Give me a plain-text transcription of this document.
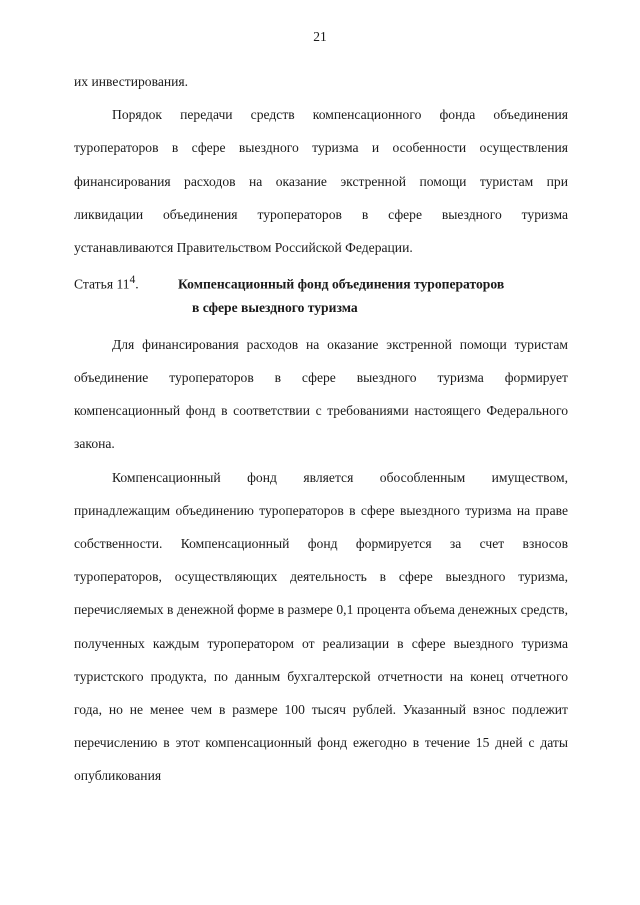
21

их инвестирования.

Порядок передачи средств компенсационного фонда объединения туроператоров в сфере выездного туризма и особенности осуществления финансирования расходов на оказание экстренной помощи туристам при ликвидации объединения туроператоров в сфере выездного туризма устанавливаются Правительством Российской Федерации.

Статья $11^4$.	Компенсационный фонд объединения туроператоров

в сфере выездного туризма

Для финансирования расходов на оказание экстренной помощи туристам объединение туроператоров в сфере выездного туризма формирует компенсационный фонд в соответствии с требованиями настоящего Федерального закона.

Компенсационный фонд является обособленным имуществом, принадлежащим объединению туроператоров в сфере выездного туризма на праве собственности. Компенсационный фонд формируется за счет взносов туроператоров, осуществляющих деятельность в сфере выездного туризма, перечисляемых в денежной форме в размере 0,1 процента объема денежных средств, полученных каждым туроператором от реализации в сфере выездного туризма туристского продукта, по данным бухгалтерской отчетности на конец отчетного года, но не менее чем в размере 100 тысяч рублей. Указанный взнос подлежит перечислению в этот компенсационный фонд ежегодно в течение 15 дней с даты опубликования
